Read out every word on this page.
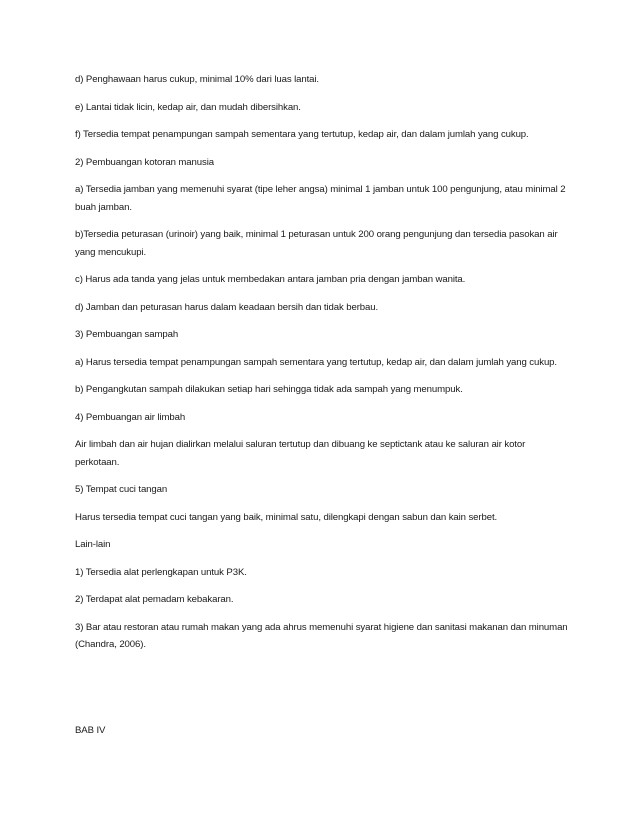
d) Penghawaan harus cukup, minimal 10% dari luas lantai.

e) Lantai tidak licin, kedap air, dan mudah dibersihkan.

f) Tersedia tempat penampungan sampah sementara yang tertutup, kedap air, dan dalam jumlah yang cukup.

2) Pembuangan kotoran manusia

a) Tersedia jamban yang memenuhi syarat (tipe leher angsa) minimal 1 jamban untuk 100 pengunjung, atau minimal 2 buah jamban.

b)Tersedia peturasan (urinoir) yang baik, minimal 1 peturasan untuk 200 orang pengunjung dan tersedia pasokan air yang mencukupi.

c) Harus ada tanda yang jelas untuk membedakan antara jamban pria dengan jamban wanita.

d) Jamban dan peturasan harus dalam keadaan bersih dan tidak berbau.

3) Pembuangan sampah

a) Harus tersedia tempat penampungan sampah sementara yang tertutup, kedap air, dan dalam jumlah yang cukup.

b) Pengangkutan sampah dilakukan setiap hari sehingga tidak ada sampah yang menumpuk.

4) Pembuangan air limbah

Air limbah dan air hujan dialirkan melalui saluran tertutup dan dibuang ke septictank atau ke saluran air kotor perkotaan.

5) Tempat cuci tangan

Harus tersedia tempat cuci tangan yang baik, minimal satu, dilengkapi dengan sabun dan kain serbet.

Lain-lain

1) Tersedia alat perlengkapan untuk P3K.

2) Terdapat alat pemadam kebakaran.

3) Bar atau restoran atau rumah makan yang ada ahrus memenuhi syarat higiene dan sanitasi makanan dan minuman (Chandra, 2006).

BAB IV
